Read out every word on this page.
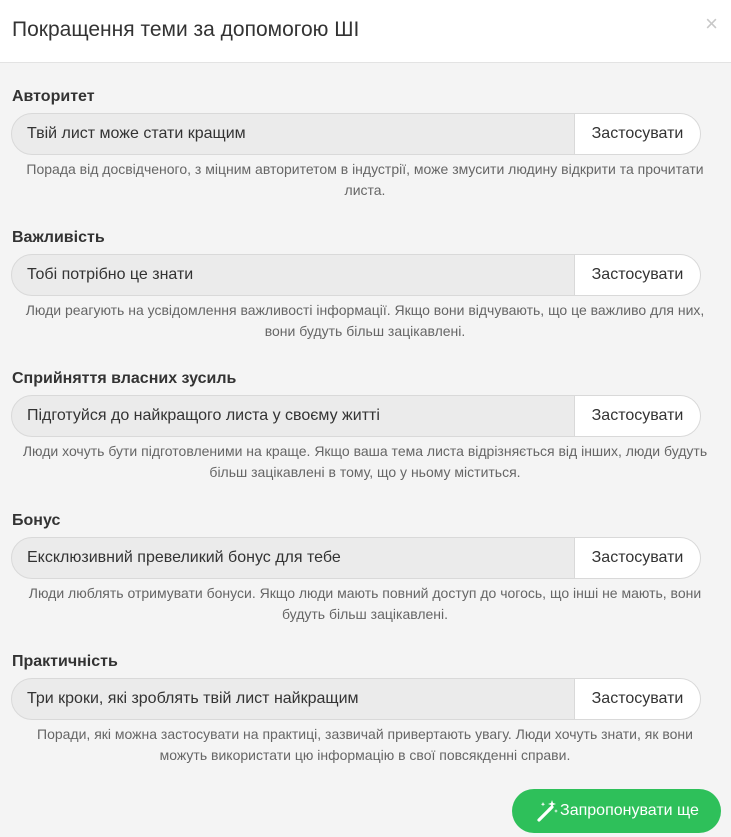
Покращення теми за допомогою ШІ	×
Авторитет
Твій лист може стати кращим
Застосувати

Порада від досвідченого, з міцним авторитетом в індустрії, може змусити людину відкрити та прочитати листа.

Важливість
Тобі потрібно це знати
Застосувати

Люди реагують на усвідомлення важливості інформації. Якщо вони відчувають, що це важливо для них, вони будуть більш зацікавлені.

Сприйняття власних зусиль
Підготуйся до найкращого листа у своєму житті
Застосувати

Люди хочуть бути підготовленими на краще. Якщо ваша тема листа відрізняється від інших, люди будуть більш зацікавлені в тому, що у ньому міститься.

Бонус
Ексклюзивний превеликий бонус для тебе
Застосувати

Люди люблять отримувати бонуси. Якщо люди мають повний доступ до чогось, що інші не мають, вони будуть більш зацікавлені.

Практичність
Три кроки, які зроблять твій лист найкращим
Застосувати

Поради, які можна застосувати на практиці, зазвичай привертають увагу. Люди хочуть знати, як вони можуть використати цю інформацію в свої повсякденні справи.

Запропонувати ще
